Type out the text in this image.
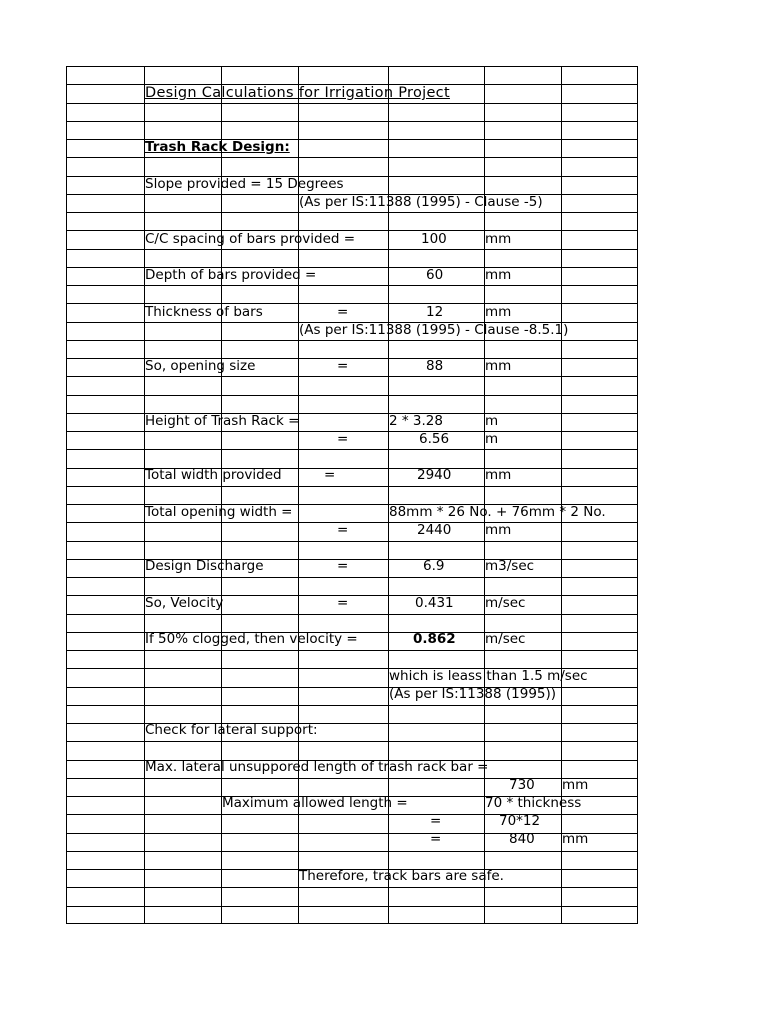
Design Calculations for Irrigation Project
Trash Rack Design:
Slope provided = 15 Degrees
(As per IS:11388 (1995) - Clause -5)
C/C spacing of bars provided =	100	mm
Depth of bars provided =	60	mm
Thickness of bars	=	12	mm
(As per IS:11388 (1995) - Clause -8.5.1)
So, opening size	=	88	mm
Height of Trash Rack =	2 * 3.28	m
=	6.56	m
Total width provided	=	2940 mm
Total opening width =	88mm * 26 No. + 76mm * 2 No.
=	2440 mm
Design Discharge	=	6.9	m3/sec
So, Velocity	=	0.431 m/sec
If 50% clogged, then velocity =	0.862 m/sec
which is leass than 1.5 m/sec
(As per IS:11388 (1995))
Check for lateral support:
Max. lateral unsuppored length of trash rack bar =
730 mm
Maximum allowed length =	70 * thickness
=	70*12
=	840 mm
Therefore, track bars are safe.
